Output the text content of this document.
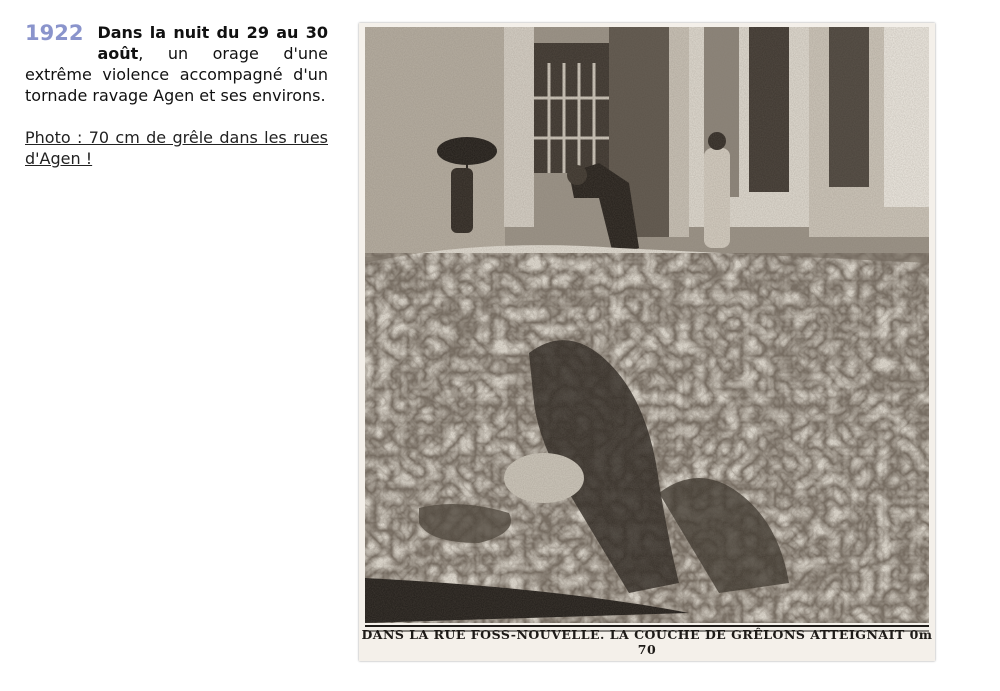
1922 Dans la nuit du 29 au 30 août, un orage d'une extrême violence accompagné d'un tornade ravage Agen et ses environs.

Photo : 70 cm de grêle dans les rues d'Agen !
DANS LA RUE FOSS-NOUVELLE. LA COUCHE DE GRÊLONS ATTEIGNAIT 0m 70
